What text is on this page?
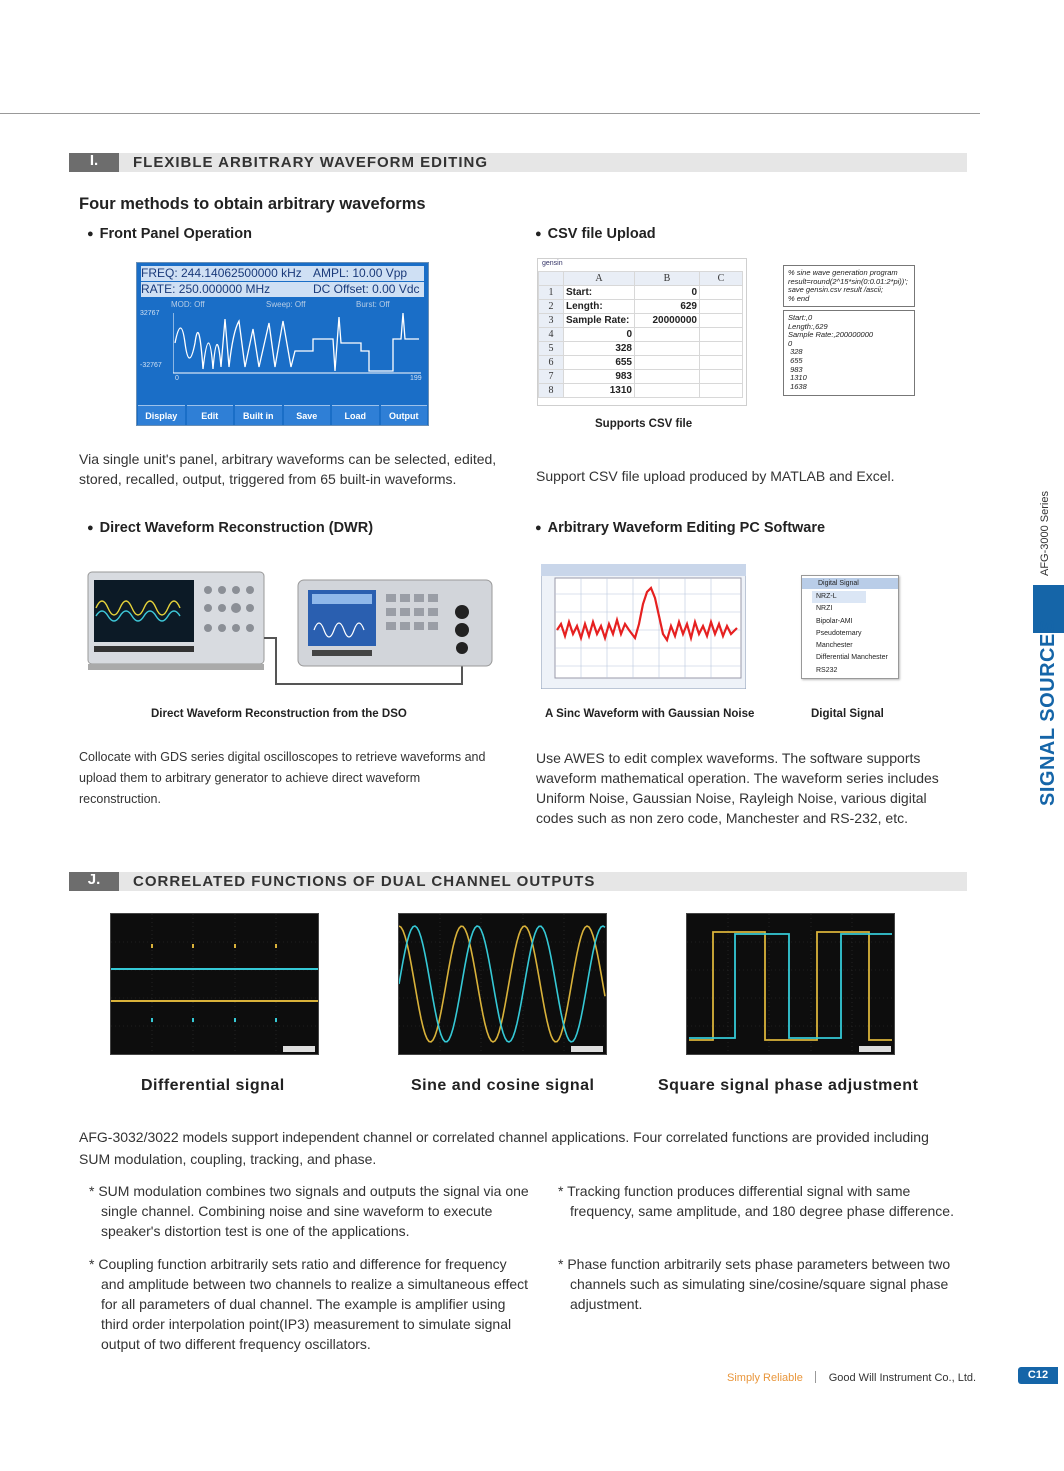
I.	FLEXIBLE ARBITRARY WAVEFORM EDITING
Four methods to obtain arbitrary waveforms
● Front Panel Operation
FREQ: 244.14062500000 kHz AMPL: 10.00 Vpp
RATE: 250.000000 MHz	DC Offset: 0.00 Vdc
MOD: Off	Sweep: Off	Burst: Off
32767
-32767
0	199
Display	Edit	Built in	Save	Load	Output
Via single unit's panel, arbitrary waveforms can be selected, edited, stored, recalled, output, triggered from 65 built-in waveforms.
● CSV file Upload
gensin
	A	B	C
1	Start:	0	
2	Length:	629	
3	Sample Rate:	20000000	
4	0		
5	328		
6	655		
7	983		
8	1310		
% sine wave generation program
result=round(2^15*sin(0:0.01:2*pi))';
save gensin.csv result /ascii;
% end
Start:,0
Length:,629
Sample Rate:,200000000
0
328
655
983
1310
1638
Supports CSV file
Support CSV file upload produced by MATLAB and Excel.
● Direct Waveform Reconstruction (DWR)
Direct Waveform Reconstruction from the DSO
Collocate with GDS series digital oscilloscopes to retrieve waveforms and upload them to arbitrary generator to achieve direct waveform reconstruction.
● Arbitrary Waveform Editing PC Software
Digital Signal
NRZ-L
NRZI
Bipolar-AMI
Pseudoternary
Manchester
Differential Manchester
RS232
A Sinc Waveform with Gaussian Noise	Digital Signal
Use AWES to edit complex waveforms. The software supports waveform mathematical operation. The waveform series includes Uniform Noise, Gaussian Noise, Rayleigh Noise, various digital codes such as non zero code, Manchester and RS-232, etc.
J.	CORRELATED FUNCTIONS OF DUAL CHANNEL OUTPUTS
Differential signal	Sine and cosine signal	Square signal phase adjustment
AFG-3032/3022 models support independent channel or correlated channel applications. Four correlated functions are provided including SUM modulation, coupling, tracking, and phase.
* SUM modulation combines two signals and outputs the signal via one single channel. Combining noise and sine waveform to execute speaker's distortion test is one of the applications.
* Coupling function arbitrarily sets ratio and difference for frequency and amplitude between two channels to realize a simultaneous effect for all parameters of dual channel. The example is amplifier using third order interpolation point(IP3) measurement to simulate signal output of two different frequency oscillators.
* Tracking function produces differential signal with same frequency, same amplitude, and 180 degree phase difference.
* Phase function arbitrarily sets phase parameters between two channels such as simulating sine/cosine/square signal phase adjustment.
AFG-3000 Series
SIGNAL SOURCES
Simply Reliable Good Will Instrument Co., Ltd.	C12
